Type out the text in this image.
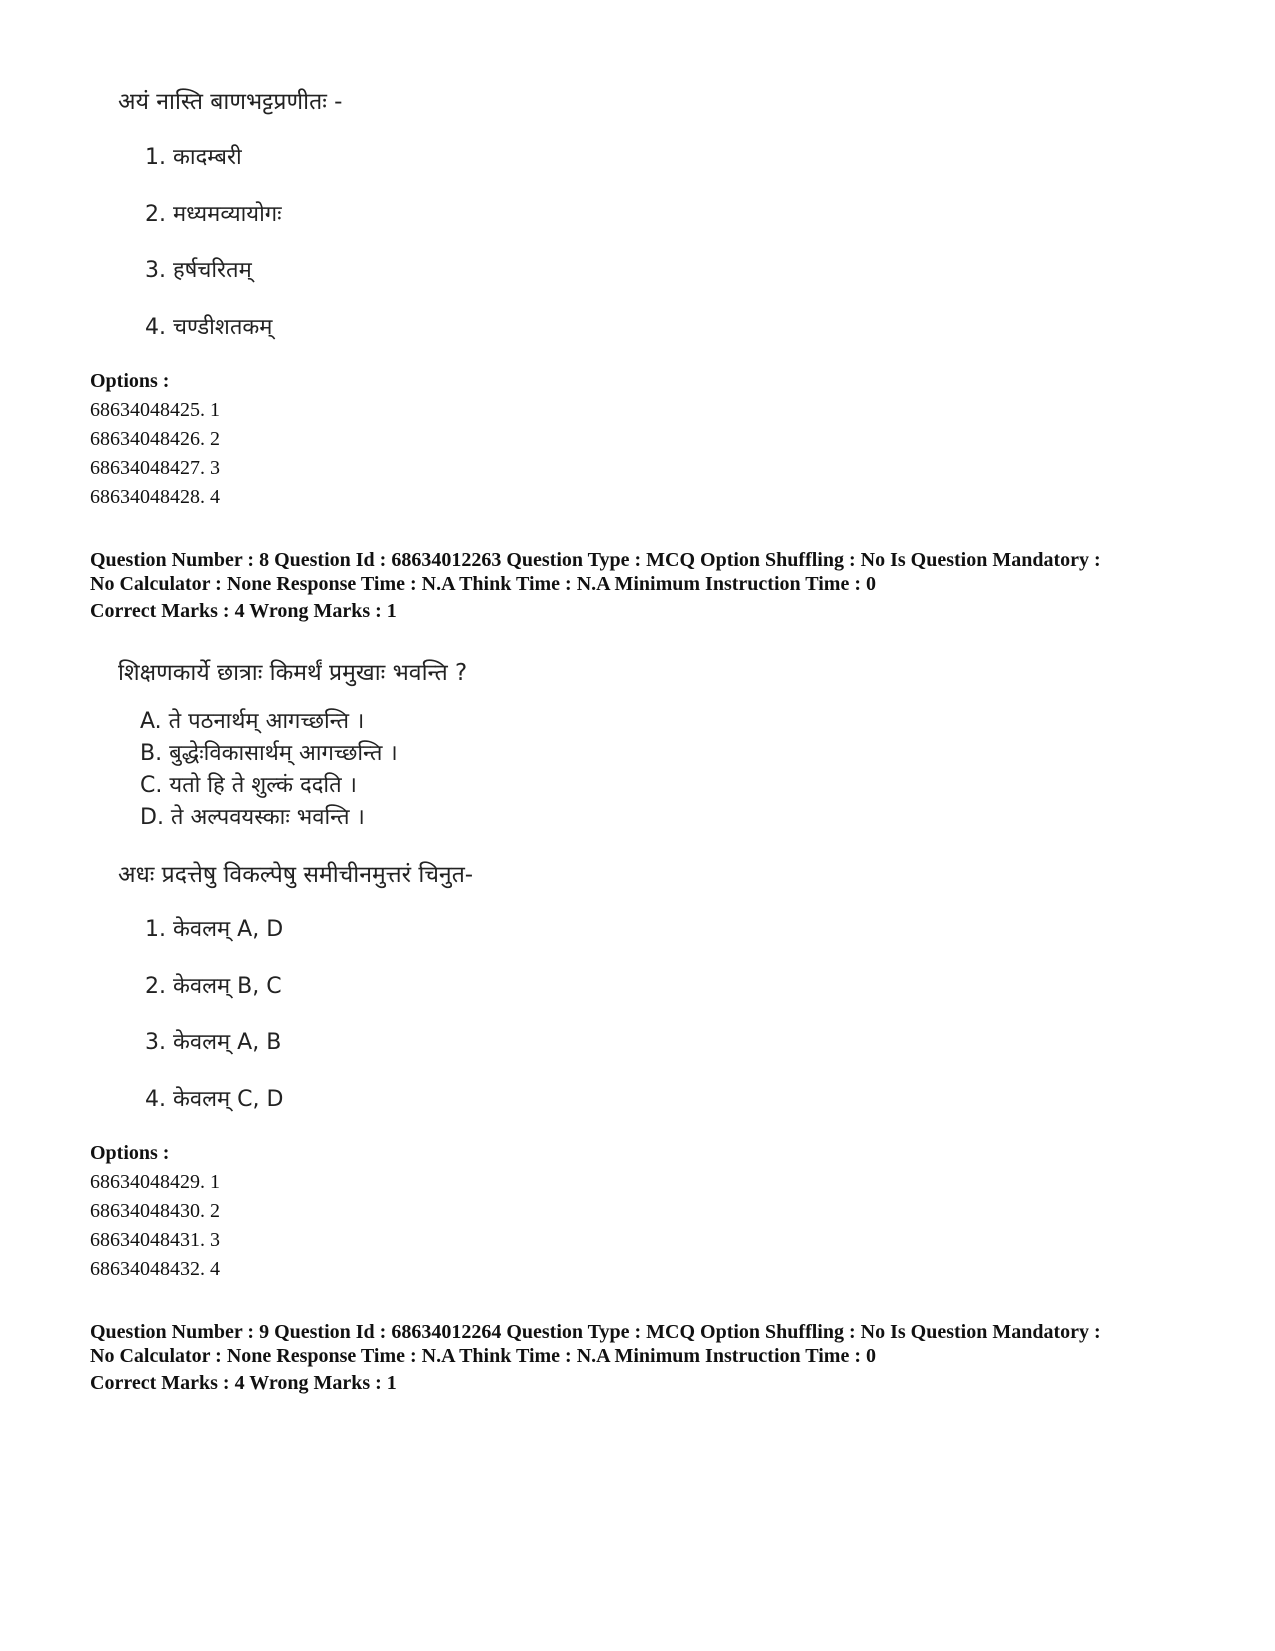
अयं नास्ति बाणभट्टप्रणीतः -
1. कादम्बरी
2. मध्यमव्यायोगः
3. हर्षचरितम्
4. चण्डीशतकम्
Options :
68634048425. 1
68634048426. 2
68634048427. 3
68634048428. 4
Question Number : 8 Question Id : 68634012263 Question Type : MCQ Option Shuffling : No Is Question Mandatory :
No Calculator : None Response Time : N.A Think Time : N.A Minimum Instruction Time : 0
Correct Marks : 4 Wrong Marks : 1
शिक्षणकार्ये छात्राः किमर्थं प्रमुखाः भवन्ति ?
A. ते पठनार्थम् आगच्छन्ति ।
B. बुद्धेःविकासार्थम् आगच्छन्ति ।
C. यतो हि ते शुल्कं ददति ।
D. ते अल्पवयस्काः भवन्ति ।
अधः प्रदत्तेषु विकल्पेषु समीचीनमुत्तरं चिनुत-
1. केवलम् A, D
2. केवलम् B, C
3. केवलम् A, B
4. केवलम् C, D
Options :
68634048429. 1
68634048430. 2
68634048431. 3
68634048432. 4
Question Number : 9 Question Id : 68634012264 Question Type : MCQ Option Shuffling : No Is Question Mandatory :
No Calculator : None Response Time : N.A Think Time : N.A Minimum Instruction Time : 0
Correct Marks : 4 Wrong Marks : 1
